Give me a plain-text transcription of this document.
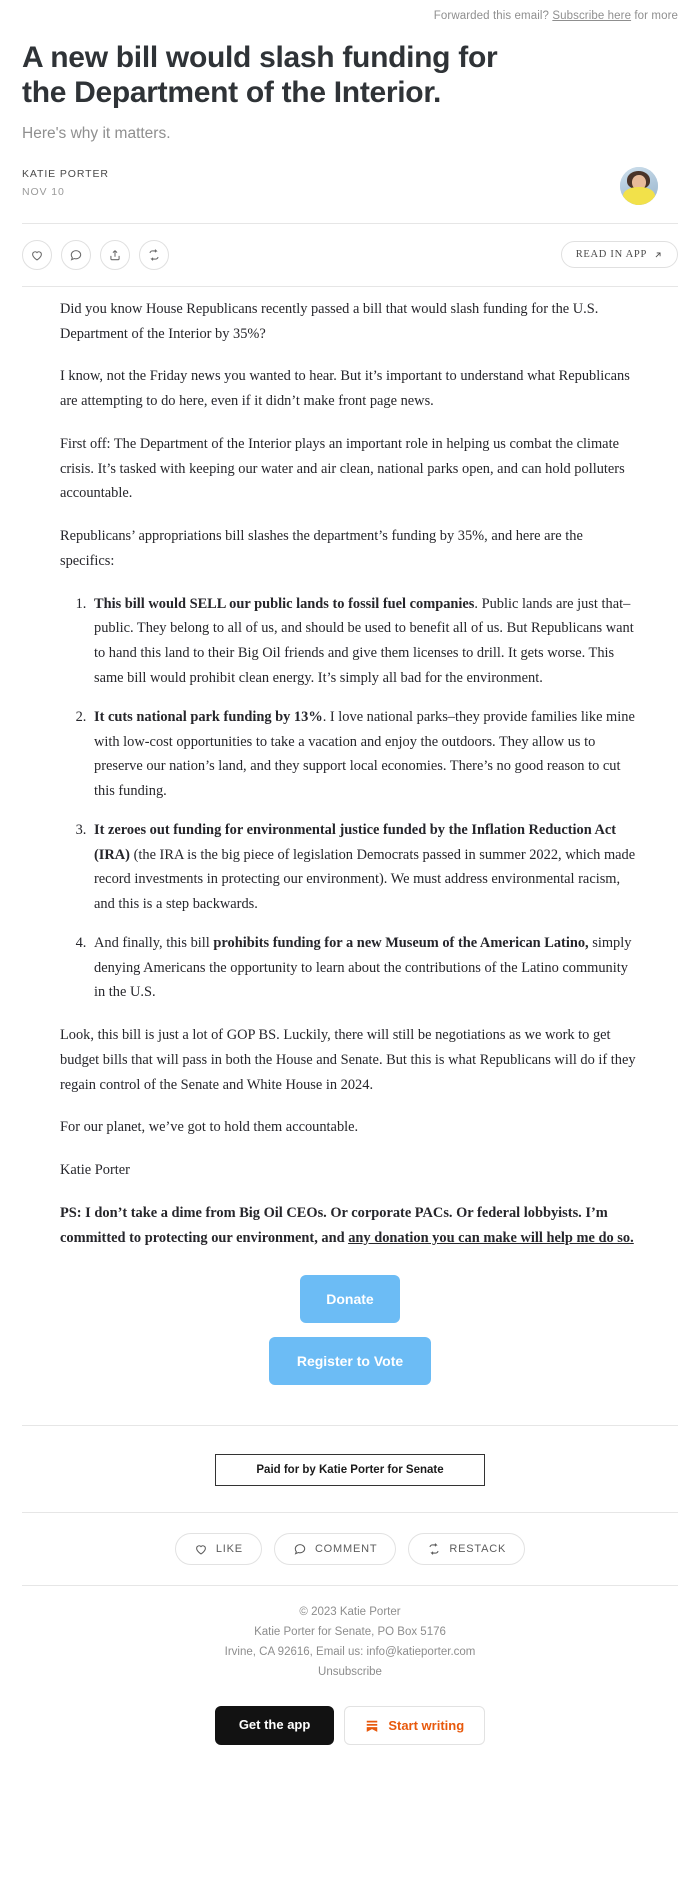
Forwarded this email? Subscribe here for more
A new bill would slash funding for the Department of the Interior.
Here's why it matters.
KATIE PORTER
NOV 10
READ IN APP

Did you know House Republicans recently passed a bill that would slash funding for the U.S. Department of the Interior by 35%?

I know, not the Friday news you wanted to hear. But it’s important to understand what Republicans are attempting to do here, even if it didn’t make front page news.

First off: The Department of the Interior plays an important role in helping us combat the climate crisis. It’s tasked with keeping our water and air clean, national parks open, and can hold polluters accountable.

Republicans’ appropriations bill slashes the department’s funding by 35%, and here are the specifics:

1. This bill would SELL our public lands to fossil fuel companies. Public lands are just that–public. They belong to all of us, and should be used to benefit all of us. But Republicans want to hand this land to their Big Oil friends and give them licenses to drill. It gets worse. This same bill would prohibit clean energy. It’s simply all bad for the environment.
2. It cuts national park funding by 13%. I love national parks–they provide families like mine with low-cost opportunities to take a vacation and enjoy the outdoors. They allow us to preserve our nation’s land, and they support local economies. There’s no good reason to cut this funding.
3. It zeroes out funding for environmental justice funded by the Inflation Reduction Act (IRA) (the IRA is the big piece of legislation Democrats passed in summer 2022, which made record investments in protecting our environment). We must address environmental racism, and this is a step backwards.
4. And finally, this bill prohibits funding for a new Museum of the American Latino, simply denying Americans the opportunity to learn about the contributions of the Latino community in the U.S.

Look, this bill is just a lot of GOP BS. Luckily, there will still be negotiations as we work to get budget bills that will pass in both the House and Senate. But this is what Republicans will do if they regain control of the Senate and White House in 2024.

For our planet, we’ve got to hold them accountable.

Katie Porter

PS: I don’t take a dime from Big Oil CEOs. Or corporate PACs. Or federal lobbyists. I’m committed to protecting our environment, and any donation you can make will help me do so.

Donate
Register to Vote
Paid for by Katie Porter for Senate
LIKE	COMMENT	RESTACK
© 2023 Katie Porter
Katie Porter for Senate, PO Box 5176
Irvine, CA 92616, Email us: info@katieporter.com
Unsubscribe
Get the app	Start writing
